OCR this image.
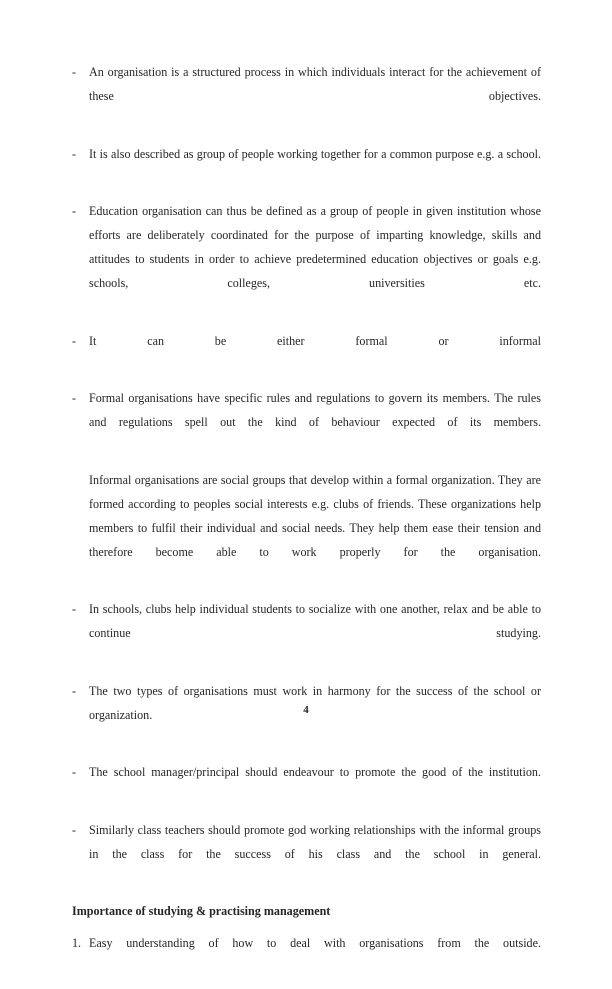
-	An organisation is a structured process in which individuals interact for the achievement of these objectives.
-	It is also described as group of people working together for a common purpose e.g. a school.
-	Education organisation can thus be defined as a group of people in given institution whose efforts are deliberately coordinated for the purpose of imparting knowledge, skills and attitudes to students in order to achieve predetermined education objectives or goals e.g. schools, colleges, universities etc.
-	It can be either formal or informal
-	Formal organisations have specific rules and regulations to govern its members. The rules and regulations spell out the kind of behaviour expected of its members.
Informal organisations are social groups that develop within a formal organization. They are formed according to peoples social interests e.g. clubs of friends. These organizations help members to fulfil their individual and social needs. They help them ease their tension and therefore become able to work properly for the organisation.
-	In schools, clubs help individual students to socialize with one another, relax and be able to continue studying.
-	The two types of organisations must work in harmony for the success of the school or organization.
-	The school manager/principal should endeavour to promote the good of the institution.
-	Similarly class teachers should promote god working relationships with the informal groups in the class for the success of his class and the school in general.
Importance of studying & practising management
1. Easy understanding of how to deal with organisations from the outside.
4
